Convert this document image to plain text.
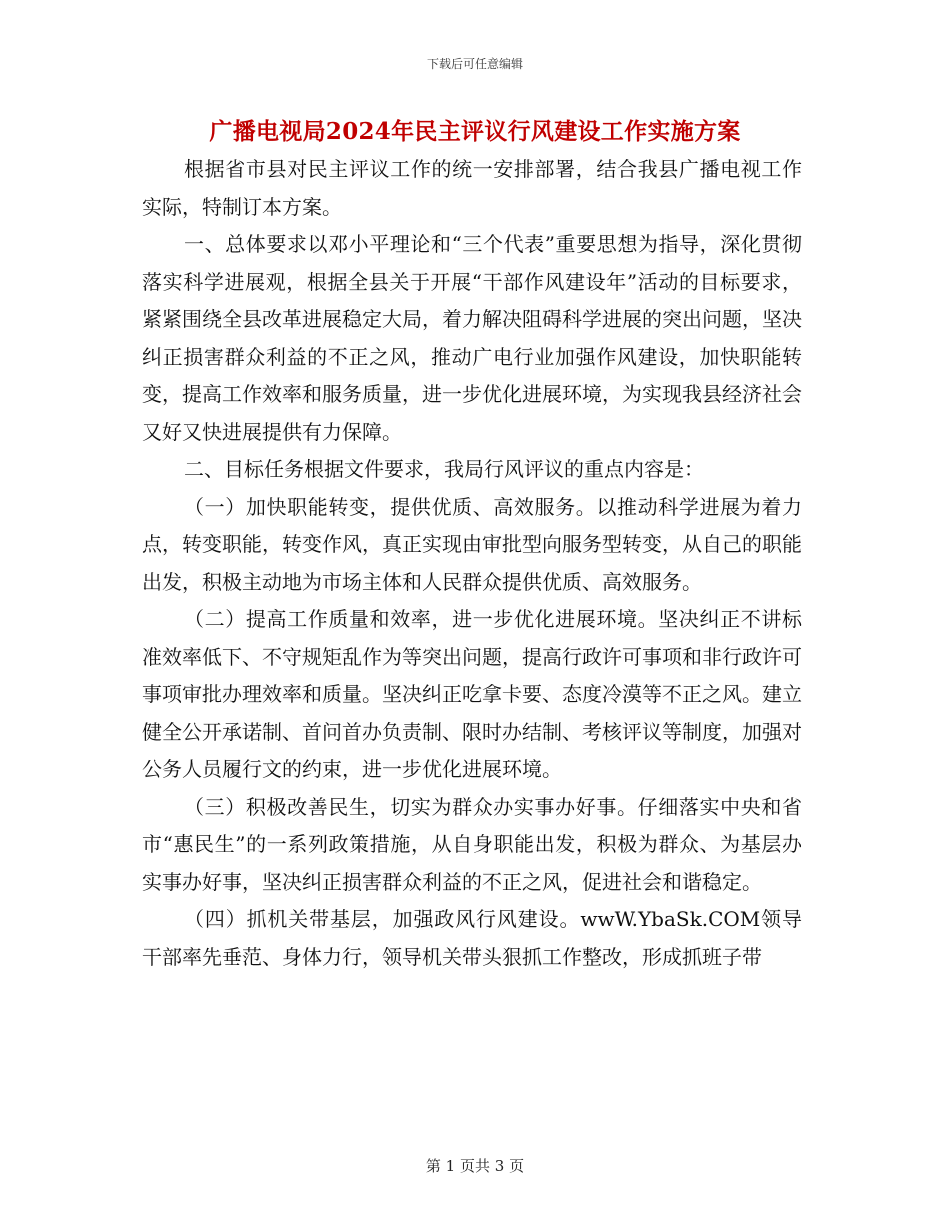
下载后可任意编辑
广播电视局2024年民主评议行风建设工作实施方案

根据省市县对民主评议工作的统一安排部署，结合我县广播电视工作实际，特制订本方案。

一、总体要求以邓小平理论和“三个代表”重要思想为指导，深化贯彻落实科学进展观，根据全县关于开展“干部作风建设年”活动的目标要求，紧紧围绕全县改革进展稳定大局，着力解决阻碍科学进展的突出问题，坚决纠正损害群众利益的不正之风，推动广电行业加强作风建设，加快职能转变，提高工作效率和服务质量，进一步优化进展环境，为实现我县经济社会又好又快进展提供有力保障。

二、目标任务根据文件要求，我局行风评议的重点内容是：

（一）加快职能转变，提供优质、高效服务。以推动科学进展为着力点，转变职能，转变作风，真正实现由审批型向服务型转变，从自己的职能出发，积极主动地为市场主体和人民群众提供优质、高效服务。

（二）提高工作质量和效率，进一步优化进展环境。坚决纠正不讲标准效率低下、不守规矩乱作为等突出问题，提高行政许可事项和非行政许可事项审批办理效率和质量。坚决纠正吃拿卡要、态度冷漠等不正之风。建立健全公开承诺制、首问首办负责制、限时办结制、考核评议等制度，加强对公务人员履行文的约束，进一步优化进展环境。

（三）积极改善民生，切实为群众办实事办好事。仔细落实中央和省市“惠民生”的一系列政策措施，从自身职能出发，积极为群众、为基层办实事办好事，坚决纠正损害群众利益的不正之风，促进社会和谐稳定。

（四）抓机关带基层，加强政风行风建设。wwW.YbaSk.COM领导干部率先垂范、身体力行，领导机关带头狠抓工作整改，形成抓班子带

第 1 页共 3 页
